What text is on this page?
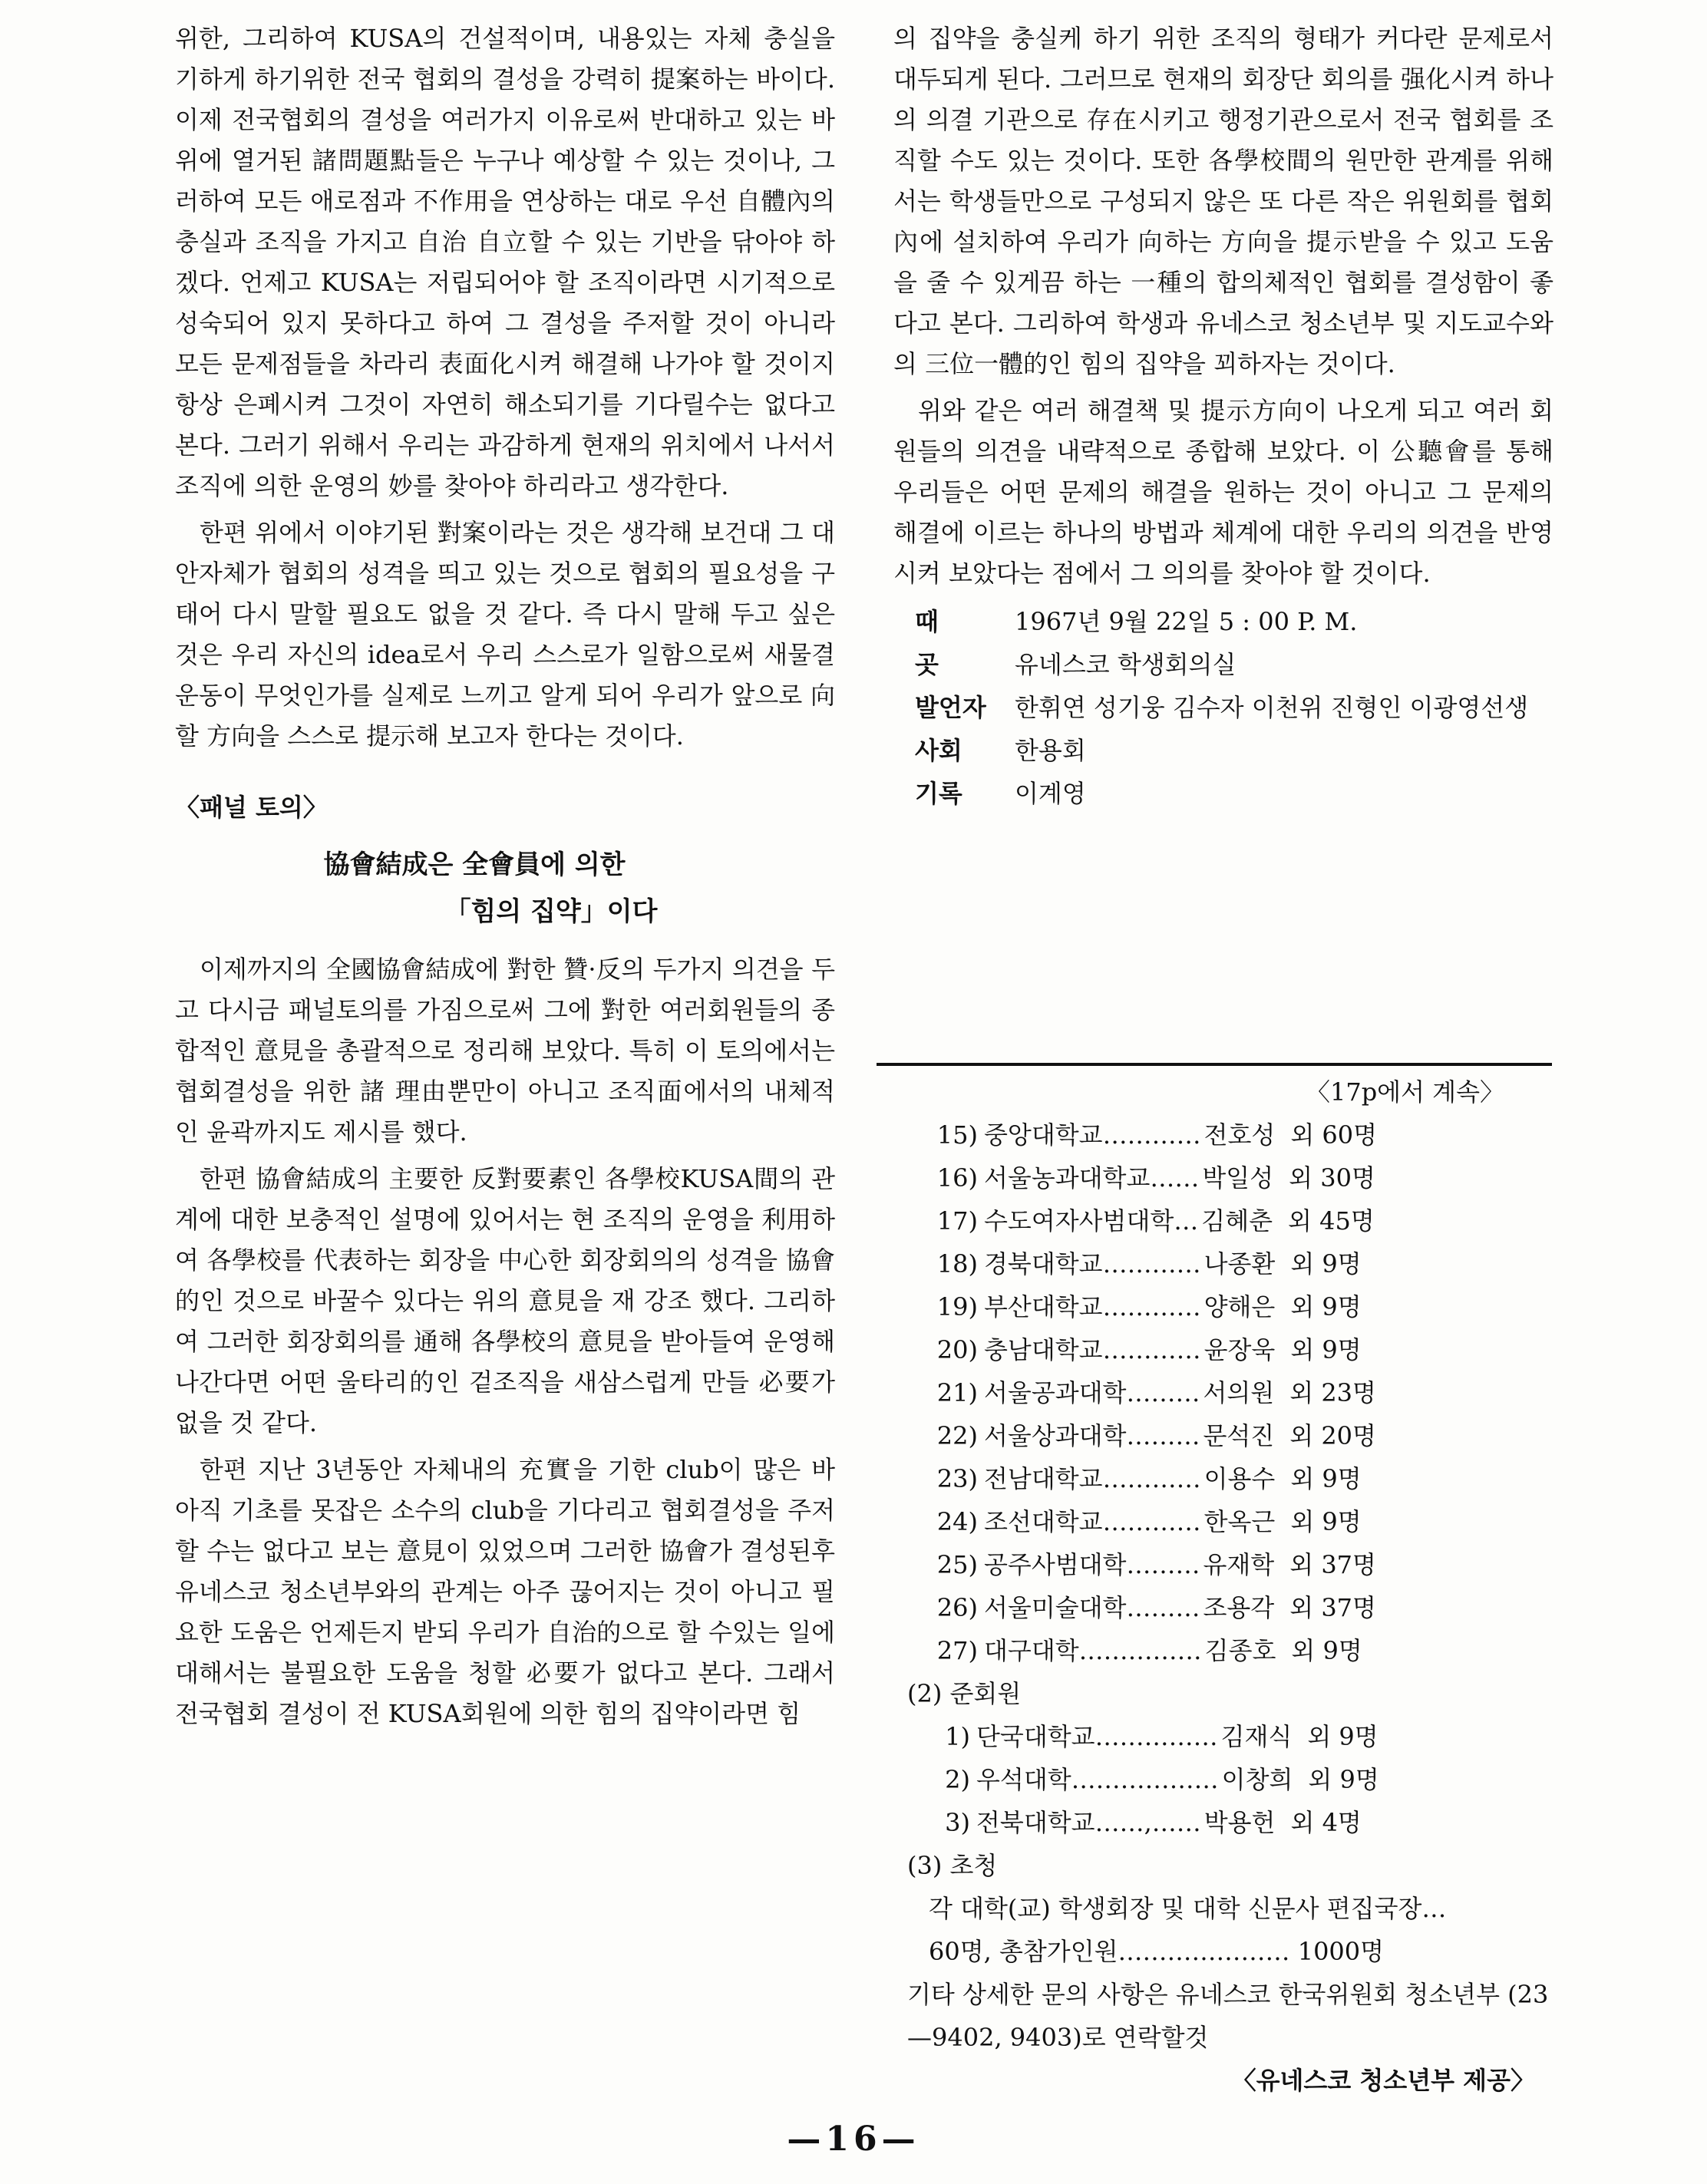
위한, 그리하여 KUSA의 건설적이며, 내용있는 자체 충실을 기하게 하기위한 전국 협회의 결성을 강력히 提案하는 바이다. 이제 전국협회의 결성을 여러가지 이유로써 반대하고 있는 바 위에 열거된 諸問題點들은 누구나 예상할 수 있는 것이나, 그러하여 모든 애로점과 不作用을 연상하는 대로 우선 自體內의 충실과 조직을 가지고 自治 自立할 수 있는 기반을 닦아야 하겠다. 언제고 KUSA는 저립되어야 할 조직이라면 시기적으로 성숙되어 있지 못하다고 하여 그 결성을 주저할 것이 아니라 모든 문제점들을 차라리 表面化시켜 해결해 나가야 할 것이지 항상 은폐시켜 그것이 자연히 해소되기를 기다릴수는 없다고 본다. 그러기 위해서 우리는 과감하게 현재의 위치에서 나서서 조직에 의한 운영의 妙를 찾아야 하리라고 생각한다.

한편 위에서 이야기된 對案이라는 것은 생각해 보건대 그 대안자체가 협회의 성격을 띄고 있는 것으로 협회의 필요성을 구태어 다시 말할 필요도 없을 것 같다. 즉 다시 말해 두고 싶은 것은 우리 자신의 idea로서 우리 스스로가 일함으로써 새물결 운동이 무엇인가를 실제로 느끼고 알게 되어 우리가 앞으로 向할 方向을 스스로 提示해 보고자 한다는 것이다.

〈패널 토의〉
協會結成은 全會員에 의한
「힘의 집약」이다

이제까지의 全國協會結成에 對한 贊·反의 두가지 의견을 두고 다시금 패널토의를 가짐으로써 그에 對한 여러회원들의 종합적인 意見을 총괄적으로 정리해 보았다. 특히 이 토의에서는 협회결성을 위한 諸 理由뿐만이 아니고 조직面에서의 내체적인 윤곽까지도 제시를 했다.

한편 協會結成의 主要한 反對要素인 各學校KUSA間의 관계에 대한 보충적인 설명에 있어서는 현 조직의 운영을 利用하여 各學校를 代表하는 회장을 中心한 회장회의의 성격을 協會的인 것으로 바꿀수 있다는 위의 意見을 재 강조 했다. 그리하여 그러한 회장회의를 通해 各學校의 意見을 받아들여 운영해 나간다면 어떤 울타리的인 겉조직을 새삼스럽게 만들 必要가 없을 것 같다.

한편 지난 3년동안 자체내의 充實을 기한 club이 많은 바 아직 기초를 못잡은 소수의 club을 기다리고 협회결성을 주저할 수는 없다고 보는 意見이 있었으며 그러한 協會가 결성된후 유네스코 청소년부와의 관계는 아주 끊어지는 것이 아니고 필요한 도움은 언제든지 받되 우리가 自治的으로 할 수있는 일에 대해서는 불필요한 도움을 청할 必要가 없다고 본다. 그래서 전국협회 결성이 전 KUSA회원에 의한 힘의 집약이라면 힘

의 집약을 충실케 하기 위한 조직의 형태가 커다란 문제로서 대두되게 된다. 그러므로 현재의 회장단 회의를 强化시켜 하나의 의결 기관으로 存在시키고 행정기관으로서 전국 협회를 조직할 수도 있는 것이다. 또한 各學校間의 원만한 관계를 위해서는 학생들만으로 구성되지 않은 또 다른 작은 위원회를 협회內에 설치하여 우리가 向하는 方向을 提示받을 수 있고 도움을 줄 수 있게끔 하는 一種의 합의체적인 협회를 결성함이 좋다고 본다. 그리하여 학생과 유네스코 청소년부 및 지도교수와의 三位一體的인 힘의 집약을 꾀하자는 것이다.

위와 같은 여러 해결책 및 提示方向이 나오게 되고 여러 회원들의 의견을 내략적으로 종합해 보았다. 이 公聽會를 통해 우리들은 어떤 문제의 해결을 원하는 것이 아니고 그 문제의 해결에 이르는 하나의 방법과 체계에 대한 우리의 의견을 반영시켜 보았다는 점에서 그 의의를 찾아야 할 것이다.

때	1967년 9월 22일 5 : 00 P. M.
곳	유네스코 학생회의실
발언자	한휘연 성기웅 김수자 이천위 진형인 이광영선생
사회	한용회
기록	이계영
〈17p에서 계속〉
15) 중앙대학교 ………… 전호성 외 60명
16) 서울농과대학교 …… 박일성 외 30명
17) 수도여자사범대학 … 김혜춘 외 45명
18) 경북대학교 ………… 나종환 외 9명
19) 부산대학교 ………… 양해은 외 9명
20) 충남대학교 ………… 윤장욱 외 9명
21) 서울공과대학 ……… 서의원 외 23명
22) 서울상과대학 ……… 문석진 외 20명
23) 전남대학교 ………… 이용수 외 9명
24) 조선대학교 ………… 한옥근 외 9명
25) 공주사범대학 ……… 유재학 외 37명
26) 서울미술대학 ……… 조용각 외 37명
27) 대구대학 …………… 김종호 외 9명
(2) 준회원
1) 단국대학교 …………… 김재식 외 9명
2) 우석대학 ……………… 이창희 외 9명
3) 전북대학교 ……,…… 박용헌 외 4명
(3) 초청
각 대학(교) 학생회장 및 대학 신문사 편집국장…
60명, 총참가인원………………… 1000명
기타 상세한 문의 사항은 유네스코 한국위원회 청소년부 (23—9402, 9403)로 연락할것
〈유네스코 청소년부 제공〉
—16—
